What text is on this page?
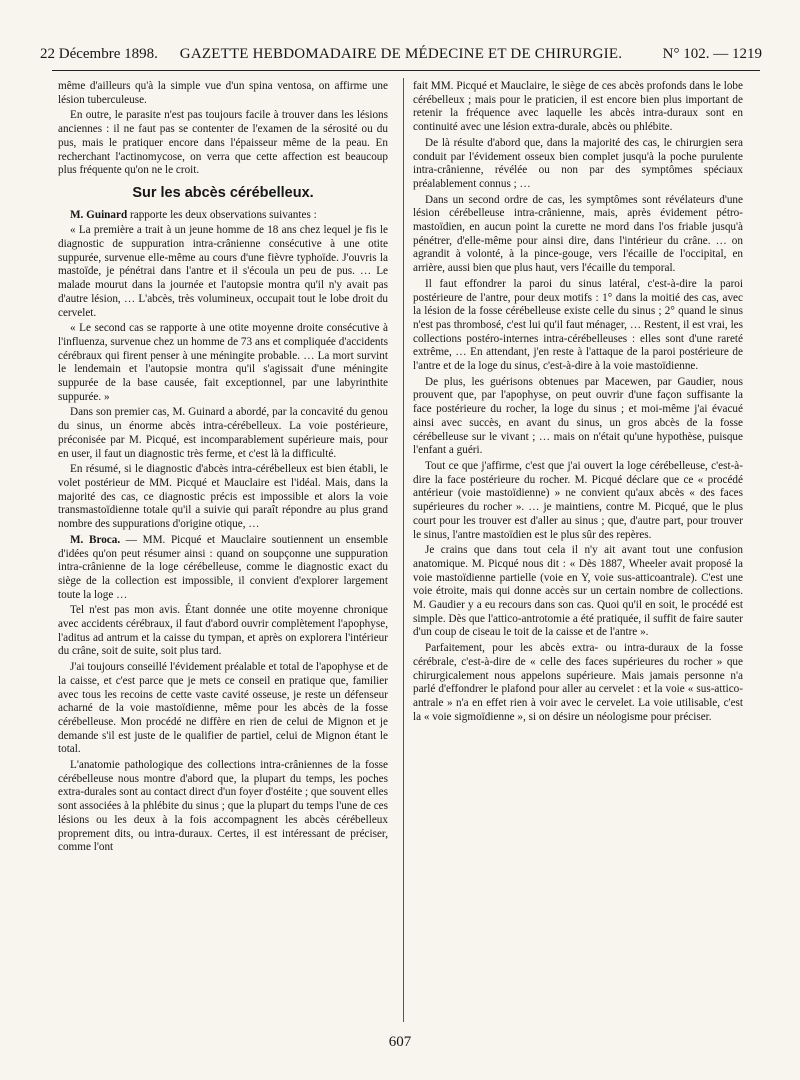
22 Décembre 1898.	GAZETTE HEBDOMADAIRE DE MÉDECINE ET DE CHIRURGIE.	N° 102. — 1219

même d'ailleurs qu'à la simple vue d'un spina ventosa, on affirme une lésion tuberculeuse.

En outre, le parasite n'est pas toujours facile à trouver dans les lésions anciennes : il ne faut pas se contenter de l'examen de la sérosité ou du pus, mais le pratiquer encore dans l'épaisseur même de la peau. En recherchant l'actinomycose, on verra que cette affection est beaucoup plus fréquente qu'on ne le croit.

Sur les abcès cérébelleux.

M. Guinard rapporte les deux observations suivantes :

« La première a trait à un jeune homme de 18 ans chez lequel je fis le diagnostic de suppuration intra-crânienne consécutive à une otite suppurée, survenue elle-même au cours d'une fièvre typhoïde. J'ouvris la mastoïde, je pénétrai dans l'antre et il s'écoula un peu de pus. … Le malade mourut dans la journée et l'autopsie montra qu'il n'y avait pas d'autre lésion, … L'abcès, très volumineux, occupait tout le lobe droit du cervelet.

« Le second cas se rapporte à une otite moyenne droite consécutive à l'influenza, survenue chez un homme de 73 ans et compliquée d'accidents cérébraux qui firent penser à une méningite probable. … La mort survint le lendemain et l'autopsie montra qu'il s'agissait d'une méningite suppurée de la base causée, fait exceptionnel, par une labyrinthite suppurée. »

Dans son premier cas, M. Guinard a abordé, par la concavité du genou du sinus, un énorme abcès intra-cérébelleux. La voie postérieure, préconisée par M. Picqué, est incomparablement supérieure mais, pour en user, il faut un diagnostic très ferme, et c'est là la difficulté.

En résumé, si le diagnostic d'abcès intra-cérébelleux est bien établi, le volet postérieur de MM. Picqué et Mauclaire est l'idéal. Mais, dans la majorité des cas, ce diagnostic précis est impossible et alors la voie transmastoïdienne totale qu'il a suivie qui paraît répondre au plus grand nombre des suppurations d'origine otique, …

M. Broca. — MM. Picqué et Mauclaire soutiennent un ensemble d'idées qu'on peut résumer ainsi : quand on soupçonne une suppuration intra-crânienne de la loge cérébelleuse, comme le diagnostic exact du siège de la collection est impossible, il convient d'explorer largement toute la loge …

Tel n'est pas mon avis. Étant donnée une otite moyenne chronique avec accidents cérébraux, il faut d'abord ouvrir complètement l'apophyse, l'aditus ad antrum et la caisse du tympan, et après on explorera l'intérieur du crâne, soit de suite, soit plus tard.

J'ai toujours conseillé l'évidement préalable et total de l'apophyse et de la caisse, et c'est parce que je mets ce conseil en pratique que, familier avec tous les recoins de cette vaste cavité osseuse, je reste un défenseur acharné de la voie mastoïdienne, même pour les abcès de la fosse cérébelleuse. Mon procédé ne diffère en rien de celui de Mignon et je demande s'il est juste de le qualifier de partiel, celui de Mignon étant le total.

L'anatomie pathologique des collections intra-crâniennes de la fosse cérébelleuse nous montre d'abord que, la plupart du temps, les poches extra-durales sont au contact direct d'un foyer d'ostéite ; que souvent elles sont associées à la phlébite du sinus ; que la plupart du temps l'une de ces lésions ou les deux à la fois accompagnent les abcès cérébelleux proprement dits, ou intra-duraux. Certes, il est intéressant de préciser, comme l'ont

fait MM. Picqué et Mauclaire, le siège de ces abcès profonds dans le lobe cérébelleux ; mais pour le praticien, il est encore bien plus important de retenir la fréquence avec laquelle les abcès intra-duraux sont en continuité avec une lésion extra-durale, abcès ou phlébite.

De là résulte d'abord que, dans la majorité des cas, le chirurgien sera conduit par l'évidement osseux bien complet jusqu'à la poche purulente intra-crânienne, révélée ou non par des symptômes spéciaux préalablement connus ; …

Dans un second ordre de cas, les symptômes sont révélateurs d'une lésion cérébelleuse intra-crânienne, mais, après évidement pétro-mastoïdien, en aucun point la curette ne mord dans l'os friable jusqu'à pénétrer, d'elle-même pour ainsi dire, dans l'intérieur du crâne. … on agrandit à volonté, à la pince-gouge, vers l'écaille de l'occipital, en arrière, aussi bien que plus haut, vers l'écaille du temporal.

Il faut effondrer la paroi du sinus latéral, c'est-à-dire la paroi postérieure de l'antre, pour deux motifs : 1° dans la moitié des cas, avec la lésion de la fosse cérébelleuse existe celle du sinus ; 2° quand le sinus n'est pas thrombosé, c'est lui qu'il faut ménager, … Restent, il est vrai, les collections postéro-internes intra-cérébelleuses : elles sont d'une rareté extrême, … En attendant, j'en reste à l'attaque de la paroi postérieure de l'antre et de la loge du sinus, c'est-à-dire à la voie mastoïdienne.

De plus, les guérisons obtenues par Macewen, par Gaudier, nous prouvent que, par l'apophyse, on peut ouvrir d'une façon suffisante la face postérieure du rocher, la loge du sinus ; et moi-même j'ai évacué ainsi avec succès, en avant du sinus, un gros abcès de la fosse cérébelleuse sur le vivant ; … mais on n'était qu'une hypothèse, puisque l'enfant a guéri.

Tout ce que j'affirme, c'est que j'ai ouvert la loge cérébelleuse, c'est-à-dire la face postérieure du rocher. M. Picqué déclare que ce « procédé antérieur (voie mastoïdienne) » ne convient qu'aux abcès « des faces supérieures du rocher ». … je maintiens, contre M. Picqué, que le plus court pour les trouver est d'aller au sinus ; que, d'autre part, pour trouver le sinus, l'antre mastoïdien est le plus sûr des repères.

Je crains que dans tout cela il n'y ait avant tout une confusion anatomique. M. Picqué nous dit : « Dès 1887, Wheeler avait proposé la voie mastoïdienne partielle (voie en Y, voie sus-atticoantrale). C'est une voie étroite, mais qui donne accès sur un certain nombre de collections. M. Gaudier y a eu recours dans son cas. Quoi qu'il en soit, le procédé est simple. Dès que l'attico-antrotomie a été pratiquée, il suffit de faire sauter d'un coup de ciseau le toit de la caisse et de l'antre ».

Parfaitement, pour les abcès extra- ou intra-duraux de la fosse cérébrale, c'est-à-dire de « celle des faces supérieures du rocher » que chirurgicalement nous appelons supérieure. Mais jamais personne n'a parlé d'effondrer le plafond pour aller au cervelet : et la voie « sus-attico-antrale » n'a en effet rien à voir avec le cervelet. La voie utilisable, c'est la « voie sigmoïdienne », si on désire un néologisme pour préciser.

607
